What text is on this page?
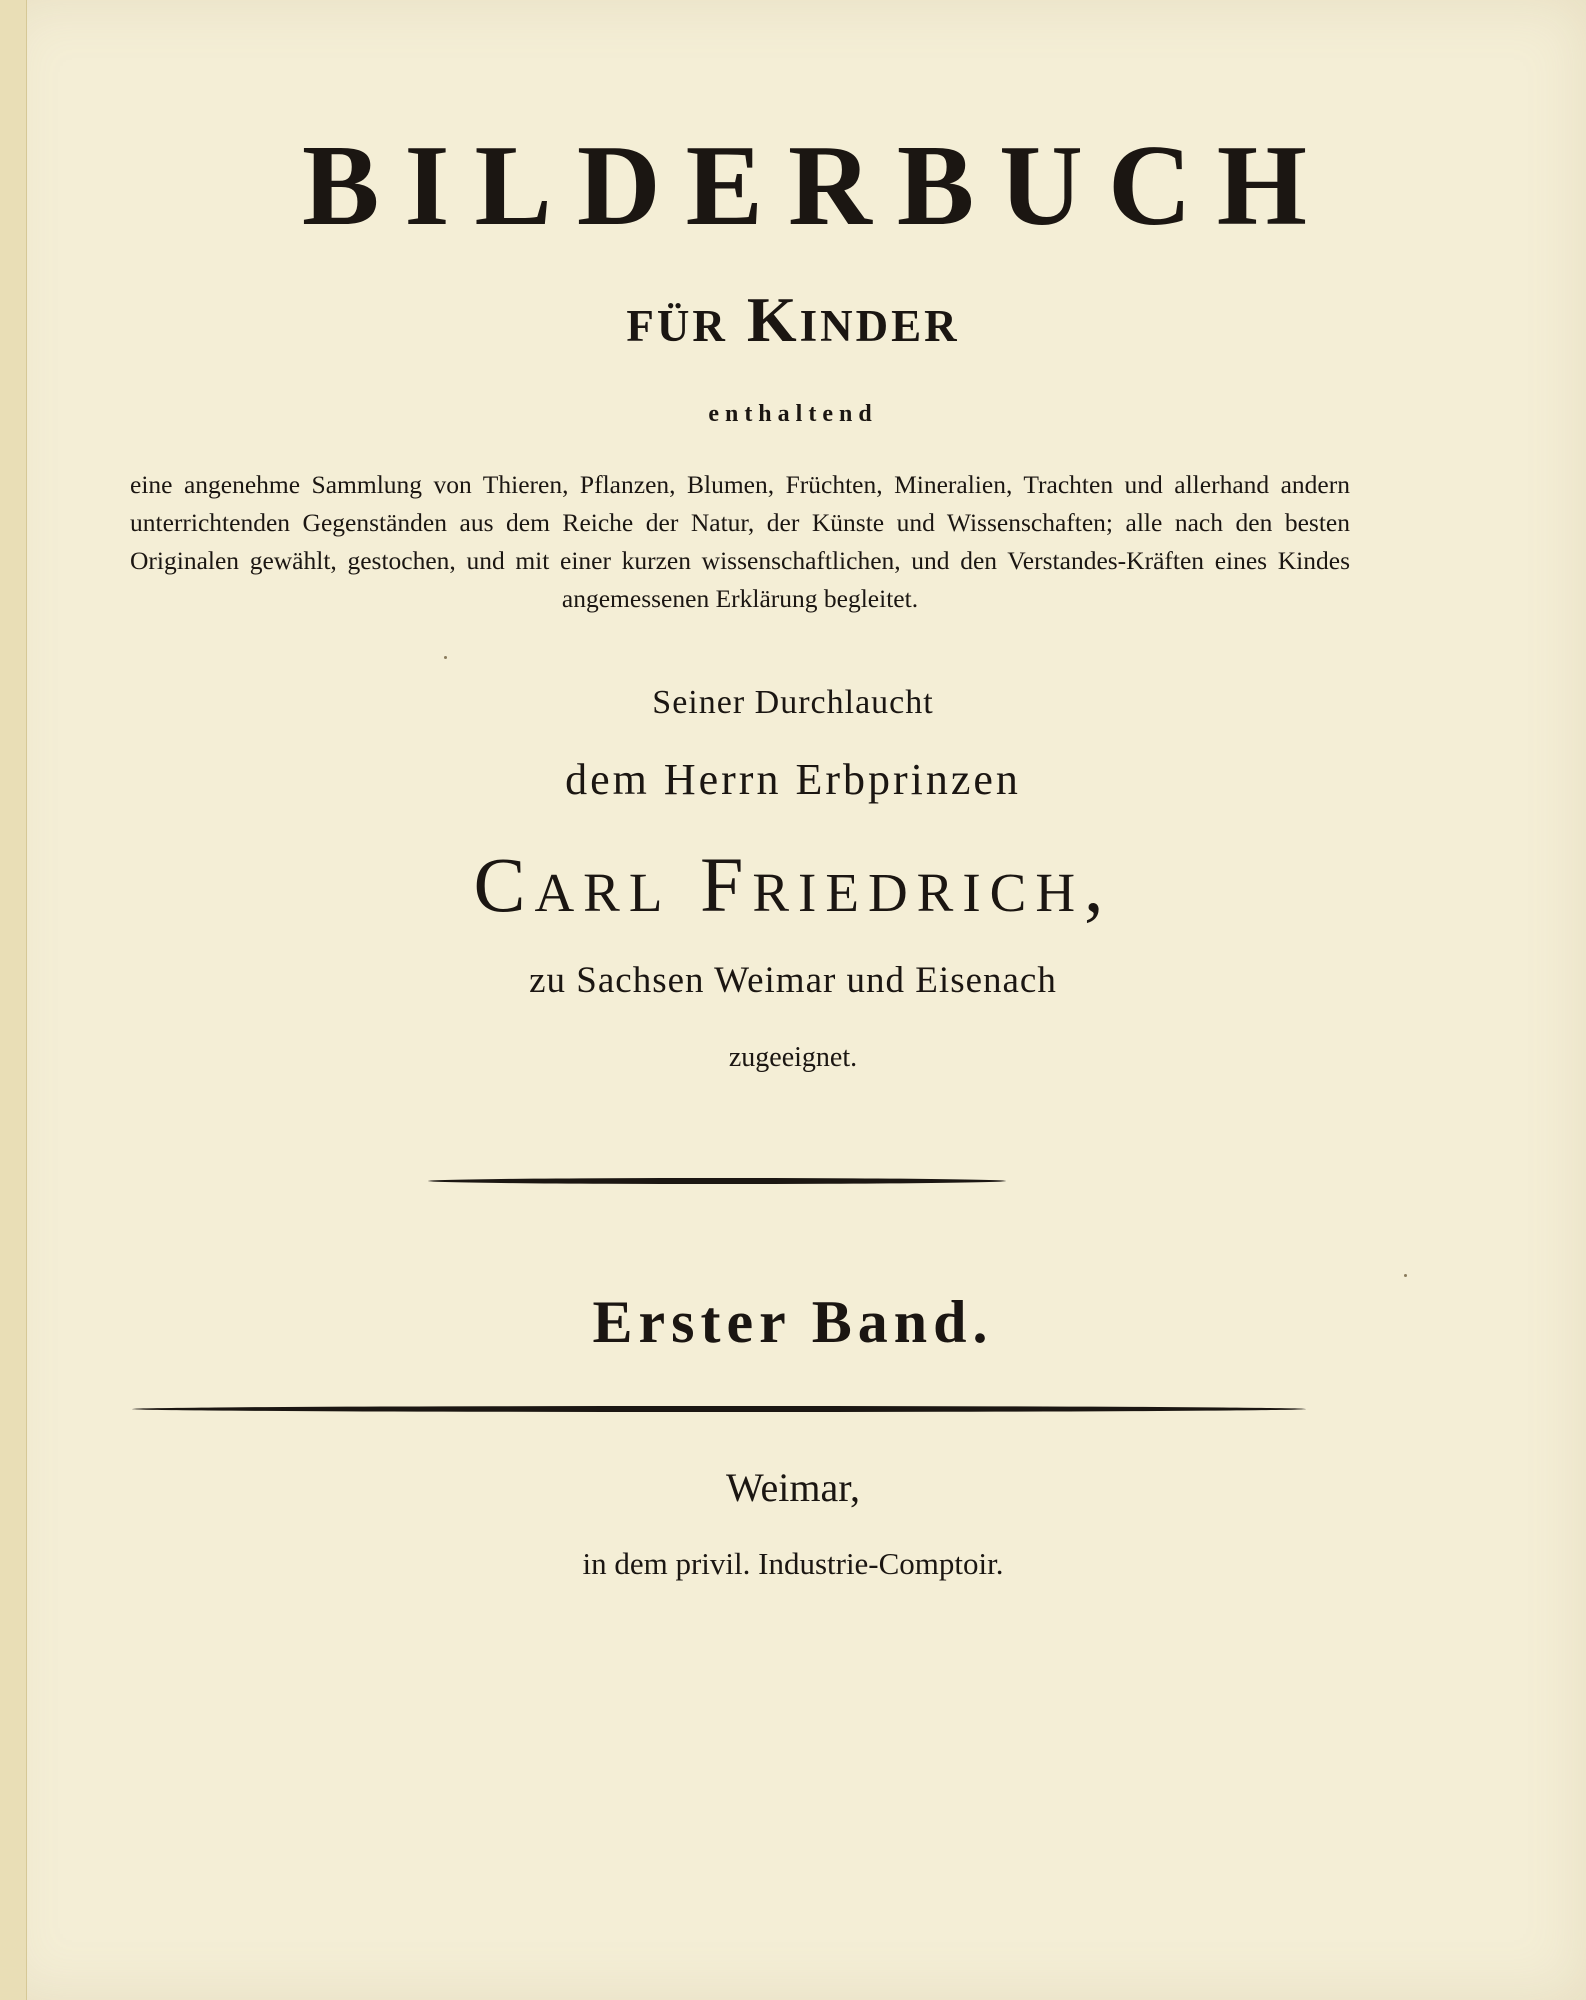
BILDERBUCH
für Kinder

enthaltend

eine angenehme Sammlung von Thieren, Pflanzen, Blumen, Früchten, Mineralien, Trachten und allerhand andern unterrichtenden Gegenständen aus dem Reiche der Natur, der Künste und Wissenschaften; alle nach den besten Originalen gewählt, gestochen, und mit einer kurzen wissenschaftlichen, und den Verstandes-Kräften eines Kindes angemessenen Erklärung begleitet.

Seiner Durchlaucht

dem Herrn Erbprinzen

Carl Friedrich,

zu Sachsen Weimar und Eisenach

zugeeignet.

Erster Band.

Weimar,

in dem privil. Industrie-Comptoir.
